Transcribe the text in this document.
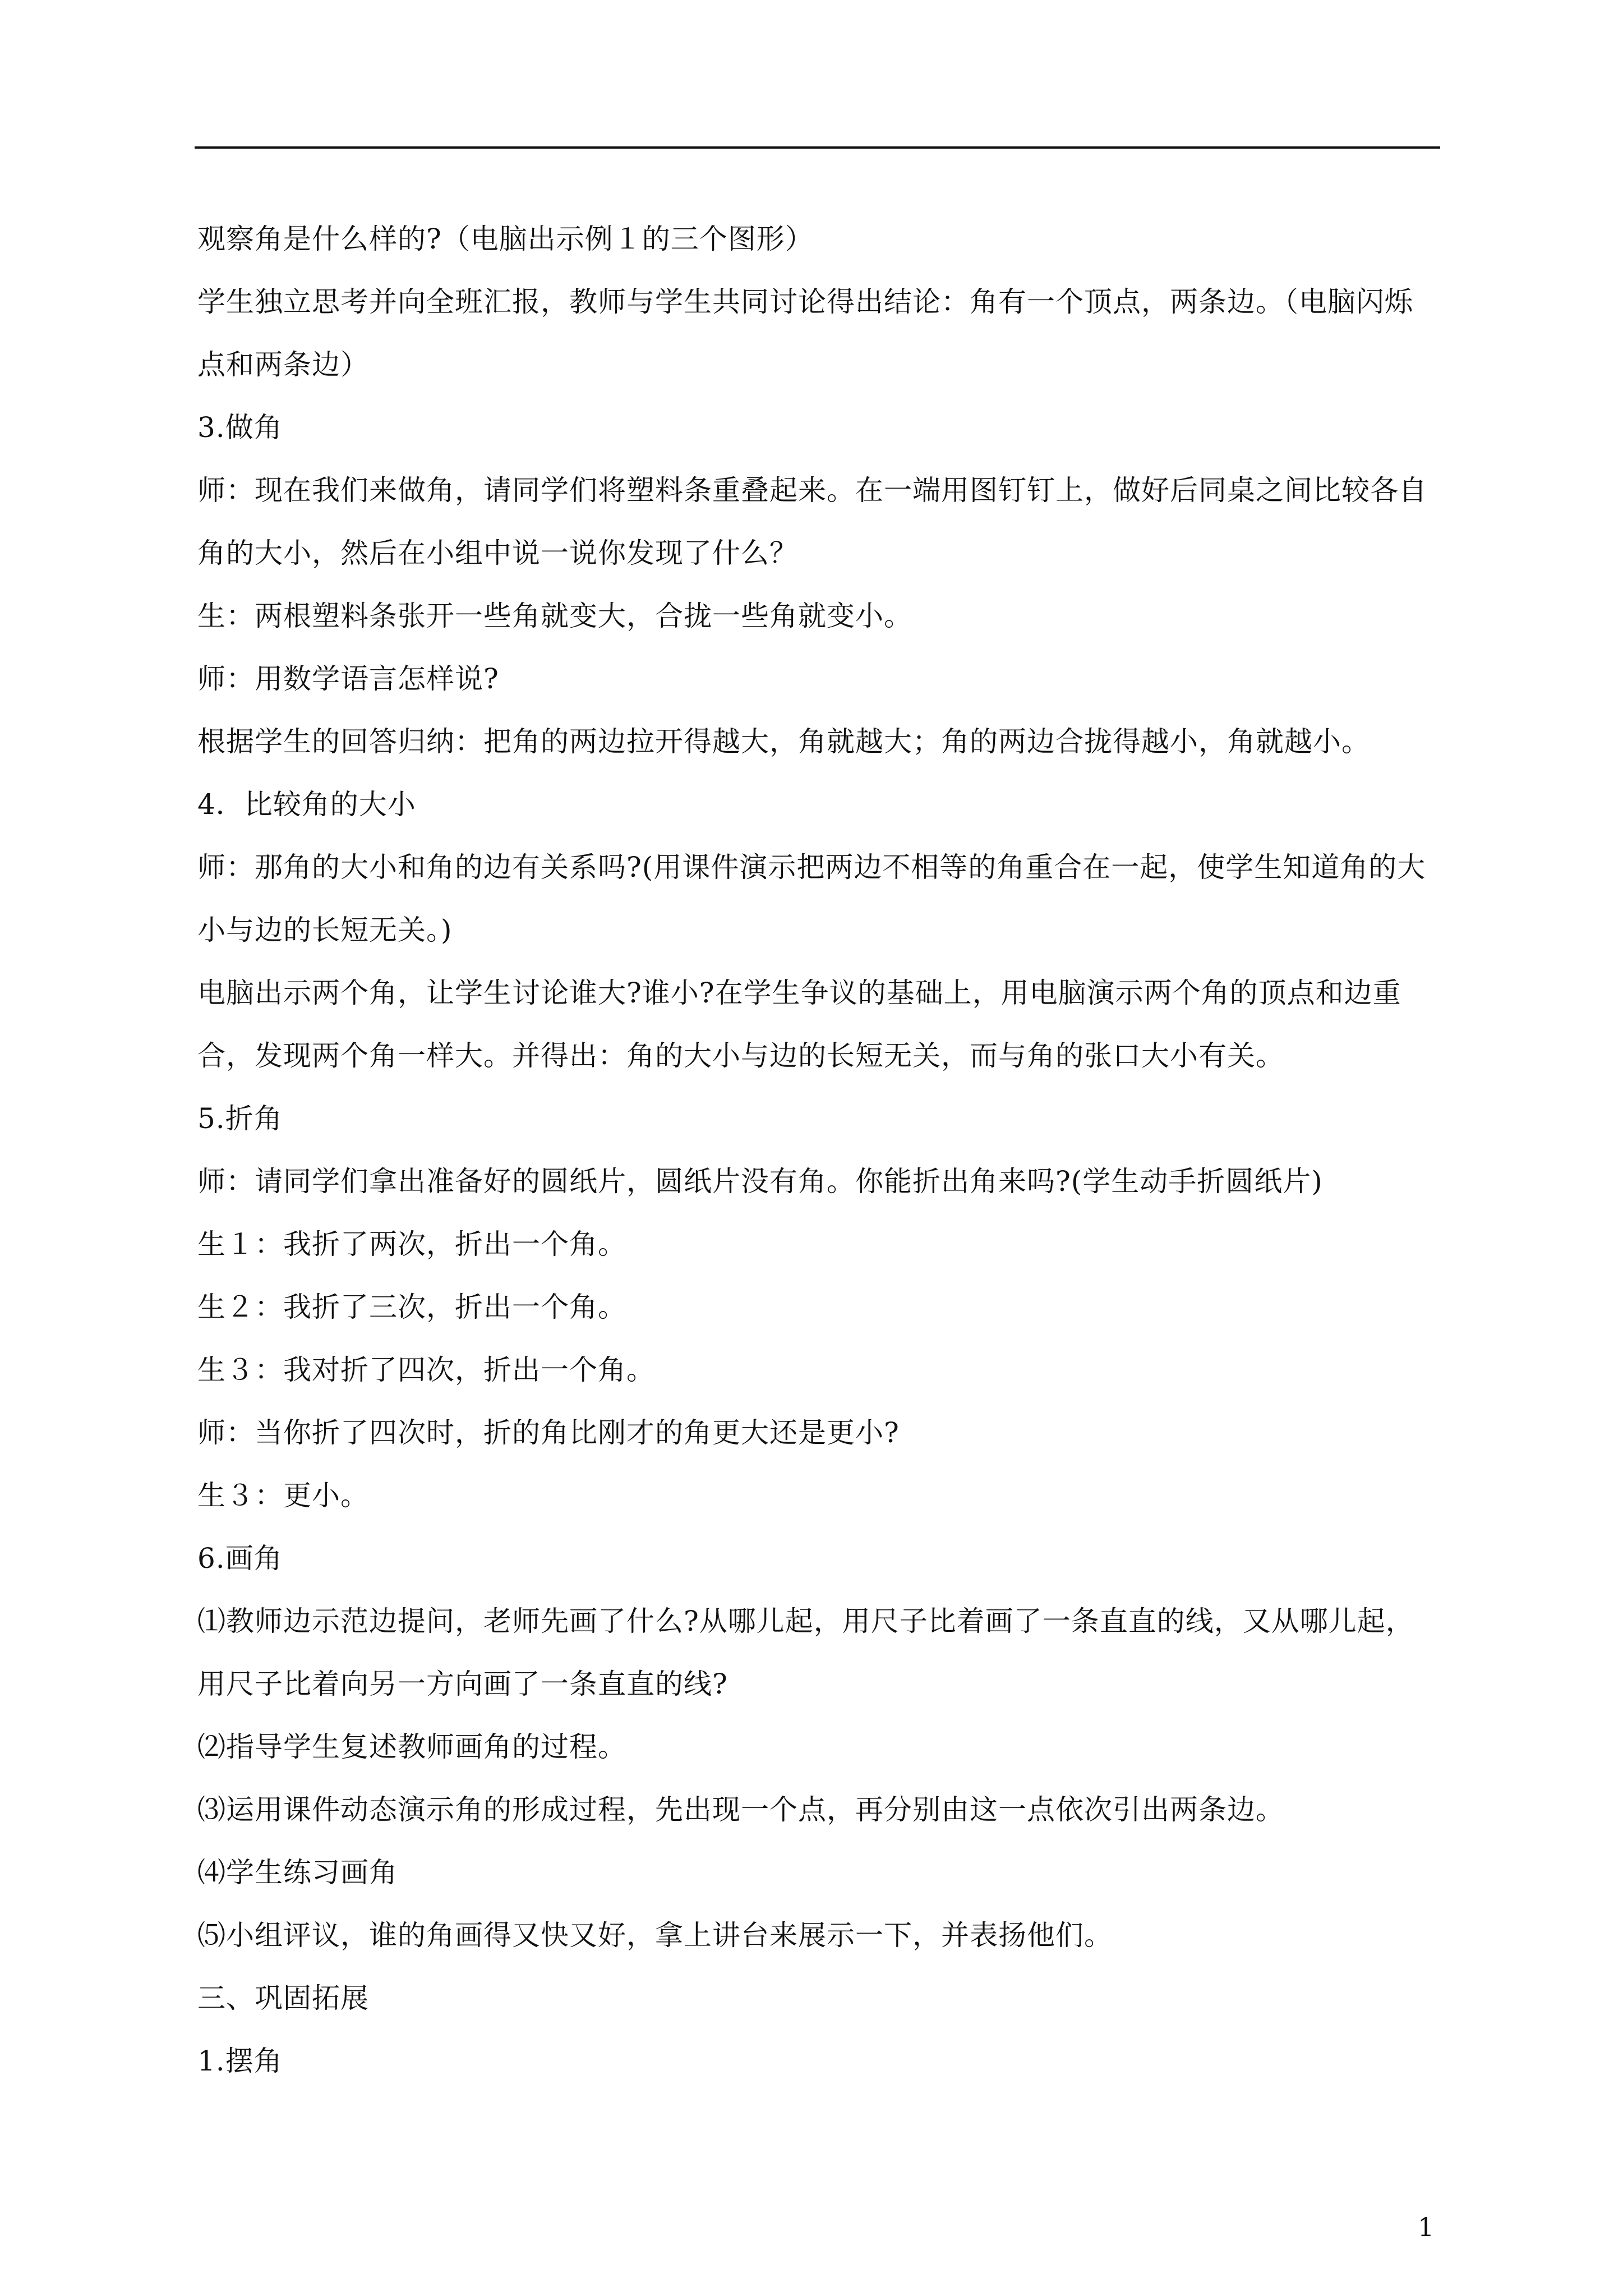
观察角是什么样的?（电脑出示例１的三个图形）

学生独立思考并向全班汇报，教师与学生共同讨论得出结论：角有一个顶点，两条边。（电脑闪烁点和两条边）

3.做角

师：现在我们来做角，请同学们将塑料条重叠起来。在一端用图钉钉上，做好后同桌之间比较各自角的大小，然后在小组中说一说你发现了什么？

生：两根塑料条张开一些角就变大，合拢一些角就变小。

师：用数学语言怎样说?

根据学生的回答归纳：把角的两边拉开得越大，角就越大；角的两边合拢得越小，角就越小。

4．比较角的大小

师：那角的大小和角的边有关系吗?(用课件演示把两边不相等的角重合在一起，使学生知道角的大小与边的长短无关。)

电脑出示两个角，让学生讨论谁大?谁小?在学生争议的基础上，用电脑演示两个角的顶点和边重合，发现两个角一样大。并得出：角的大小与边的长短无关，而与角的张口大小有关。

5.折角

师：请同学们拿出准备好的圆纸片，圆纸片没有角。你能折出角来吗?(学生动手折圆纸片)

生１：我折了两次，折出一个角。

生２：我折了三次，折出一个角。

生３：我对折了四次，折出一个角。

师：当你折了四次时，折的角比刚才的角更大还是更小?

生３：更小。

6.画角

⑴教师边示范边提问，老师先画了什么?从哪儿起，用尺子比着画了一条直直的线，又从哪儿起，用尺子比着向另一方向画了一条直直的线?

⑵指导学生复述教师画角的过程。

⑶运用课件动态演示角的形成过程，先出现一个点，再分别由这一点依次引出两条边。

⑷学生练习画角

⑸小组评议，谁的角画得又快又好，拿上讲台来展示一下，并表扬他们。

三、巩固拓展

1.摆角

1
